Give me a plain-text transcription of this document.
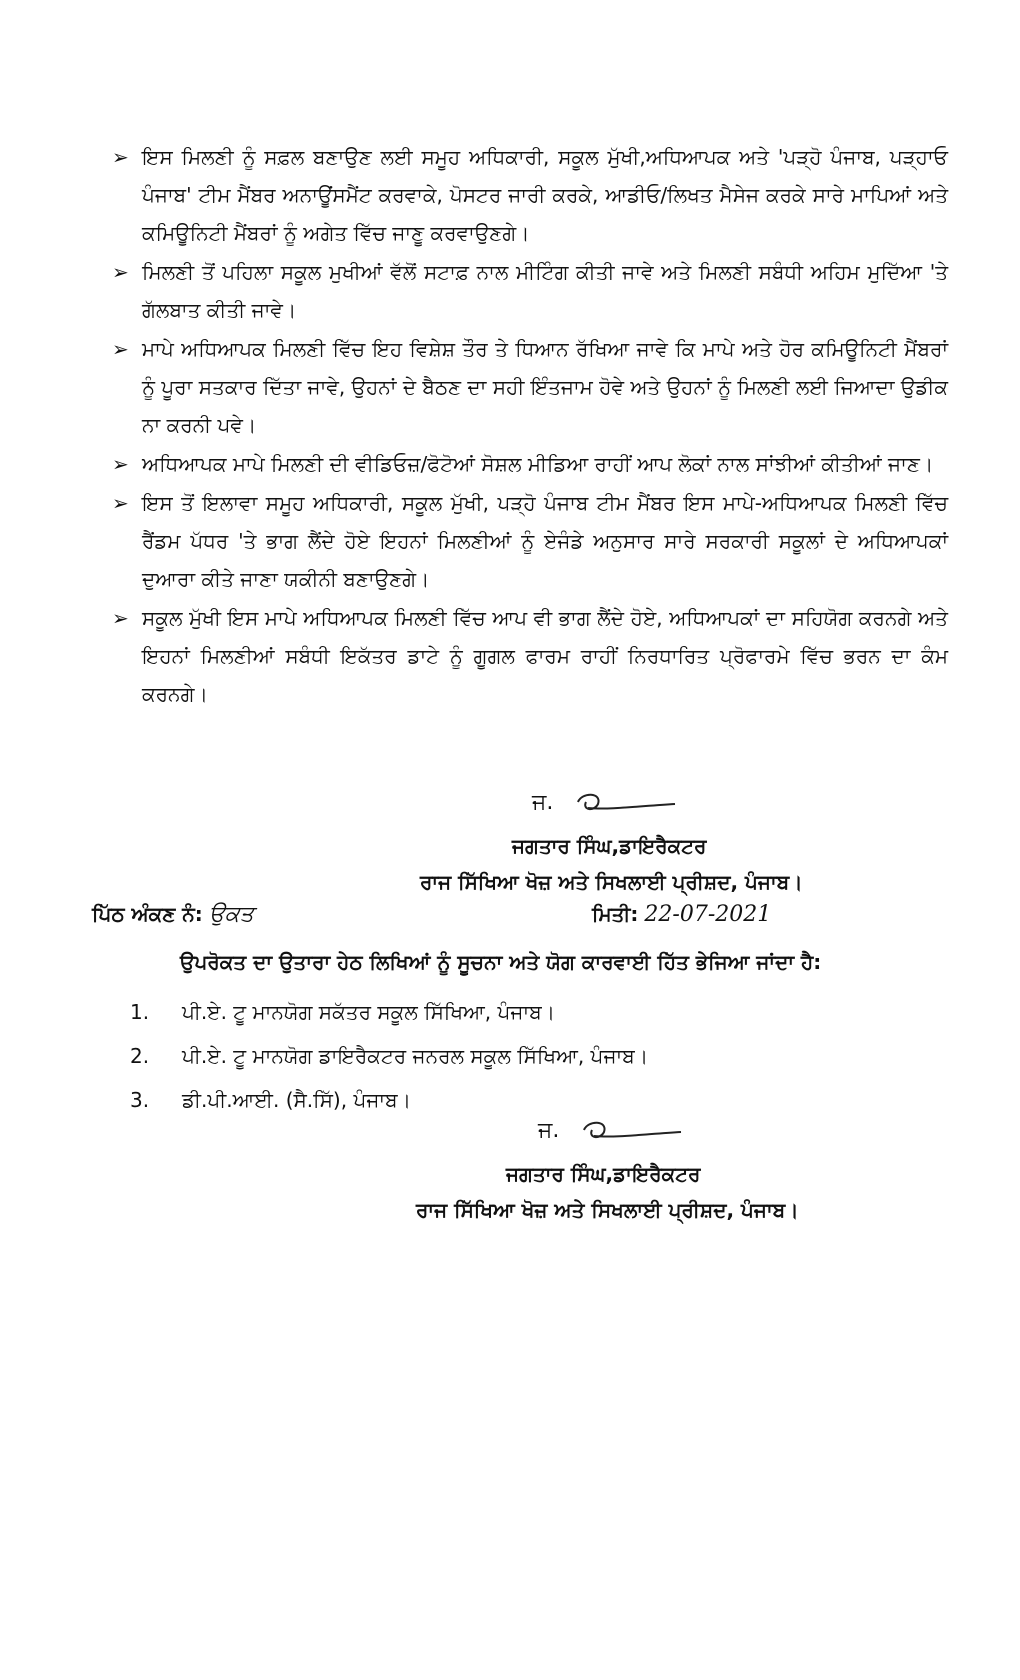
➢ ਇਸ ਮਿਲਣੀ ਨੂੰ ਸਫ਼ਲ ਬਣਾਉਣ ਲਈ ਸਮੂਹ ਅਧਿਕਾਰੀ, ਸਕੂਲ ਮੁੱਖੀ,ਅਧਿਆਪਕ ਅਤੇ 'ਪੜ੍ਹੋ ਪੰਜਾਬ, ਪੜ੍ਹਾਓ ਪੰਜਾਬ' ਟੀਮ ਮੈਂਬਰ ਅਨਾਊਂਸਮੈਂਟ ਕਰਵਾਕੇ, ਪੋਸਟਰ ਜਾਰੀ ਕਰਕੇ, ਆਡੀਓ/ਲਿਖਤ ਮੈਸੇਜ ਕਰਕੇ ਸਾਰੇ ਮਾਪਿਆਂ ਅਤੇ ਕਮਿਊਨਿਟੀ ਮੈਂਬਰਾਂ ਨੂੰ ਅਗੇਤ ਵਿੱਚ ਜਾਣੂ ਕਰਵਾਉਣਗੇ।
➢ ਮਿਲਣੀ ਤੋਂ ਪਹਿਲਾ ਸਕੂਲ ਮੁਖੀਆਂ ਵੱਲੋਂ ਸਟਾਫ਼ ਨਾਲ ਮੀਟਿੰਗ ਕੀਤੀ ਜਾਵੇ ਅਤੇ ਮਿਲਣੀ ਸਬੰਧੀ ਅਹਿਮ ਮੁਦਿੱਆ 'ਤੇ ਗੱਲਬਾਤ ਕੀਤੀ ਜਾਵੇ।
➢ ਮਾਪੇ ਅਧਿਆਪਕ ਮਿਲਣੀ ਵਿੱਚ ਇਹ ਵਿਸ਼ੇਸ਼ ਤੌਰ ਤੇ ਧਿਆਨ ਰੱਖਿਆ ਜਾਵੇ ਕਿ ਮਾਪੇ ਅਤੇ ਹੋਰ ਕਮਿਊਨਿਟੀ ਮੈਂਬਰਾਂ ਨੂੰ ਪੂਰਾ ਸਤਕਾਰ ਦਿੱਤਾ ਜਾਵੇ, ਉਹਨਾਂ ਦੇ ਬੈਠਣ ਦਾ ਸਹੀ ਇੰਤਜਾਮ ਹੋਵੇ ਅਤੇ ਉਹਨਾਂ ਨੂੰ ਮਿਲਣੀ ਲਈ ਜਿਆਦਾ ਉਡੀਕ ਨਾ ਕਰਨੀ ਪਵੇ।
➢ ਅਧਿਆਪਕ ਮਾਪੇ ਮਿਲਣੀ ਦੀ ਵੀਡਿਓਜ਼/ਫੋਟੋਆਂ ਸੋਸ਼ਲ ਮੀਡਿਆ ਰਾਹੀਂ ਆਪ ਲੋਕਾਂ ਨਾਲ ਸਾਂਝੀਆਂ ਕੀਤੀਆਂ ਜਾਣ।
➢ ਇਸ ਤੋਂ ਇਲਾਵਾ ਸਮੂਹ ਅਧਿਕਾਰੀ, ਸਕੂਲ ਮੁੱਖੀ, ਪੜ੍ਹੋ ਪੰਜਾਬ ਟੀਮ ਮੈਂਬਰ ਇਸ ਮਾਪੇ-ਅਧਿਆਪਕ ਮਿਲਣੀ ਵਿੱਚ ਰੈਂਡਮ ਪੱਧਰ 'ਤੇ ਭਾਗ ਲੈਂਦੇ ਹੋਏ ਇਹਨਾਂ ਮਿਲਣੀਆਂ ਨੂੰ ਏਜੰਡੇ ਅਨੁਸਾਰ ਸਾਰੇ ਸਰਕਾਰੀ ਸਕੂਲਾਂ ਦੇ ਅਧਿਆਪਕਾਂ ਦੁਆਰਾ ਕੀਤੇ ਜਾਣਾ ਯਕੀਨੀ ਬਣਾਉਣਗੇ।
➢ ਸਕੂਲ ਮੁੱਖੀ ਇਸ ਮਾਪੇ ਅਧਿਆਪਕ ਮਿਲਣੀ ਵਿੱਚ ਆਪ ਵੀ ਭਾਗ ਲੈਂਦੇ ਹੋਏ, ਅਧਿਆਪਕਾਂ ਦਾ ਸਹਿਯੋਗ ਕਰਨਗੇ ਅਤੇ ਇਹਨਾਂ ਮਿਲਣੀਆਂ ਸਬੰਧੀ ਇਕੱਤਰ ਡਾਟੇ ਨੂੰ ਗੂਗਲ ਫਾਰਮ ਰਾਹੀਂ ਨਿਰਧਾਰਿਤ ਪ੍ਰੋਫਾਰਮੇ ਵਿੱਚ ਭਰਨ ਦਾ ਕੰਮ ਕਰਨਗੇ।
ਜ.
ਜਗਤਾਰ ਸਿੰਘ,ਡਾਇਰੈਕਟਰ
ਰਾਜ ਸਿੱਖਿਆ ਖੋਜ਼ ਅਤੇ ਸਿਖਲਾਈ ਪ੍ਰੀਸ਼ਦ, ਪੰਜਾਬ।
ਪਿੱਠ ਅੰਕਣ ਨੰ: ਉਕਤ	ਮਿਤੀ: 22-07-2021
ਉਪਰੋਕਤ ਦਾ ਉਤਾਰਾ ਹੇਠ ਲਿਖਿਆਂ ਨੂੰ ਸੂਚਨਾ ਅਤੇ ਯੋਗ ਕਾਰਵਾਈ ਹਿੱਤ ਭੇਜਿਆ ਜਾਂਦਾ ਹੈ:
1. ਪੀ.ਏ. ਟੂ ਮਾਨਯੋਗ ਸਕੱਤਰ ਸਕੂਲ ਸਿੱਖਿਆ, ਪੰਜਾਬ।
2. ਪੀ.ਏ. ਟੂ ਮਾਨਯੋਗ ਡਾਇਰੈਕਟਰ ਜਨਰਲ ਸਕੂਲ ਸਿੱਖਿਆ, ਪੰਜਾਬ।
3. ਡੀ.ਪੀ.ਆਈ. (ਸੈ.ਸਿੱ), ਪੰਜਾਬ।
ਜ.
ਜਗਤਾਰ ਸਿੰਘ,ਡਾਇਰੈਕਟਰ
ਰਾਜ ਸਿੱਖਿਆ ਖੋਜ਼ ਅਤੇ ਸਿਖਲਾਈ ਪ੍ਰੀਸ਼ਦ, ਪੰਜਾਬ।
